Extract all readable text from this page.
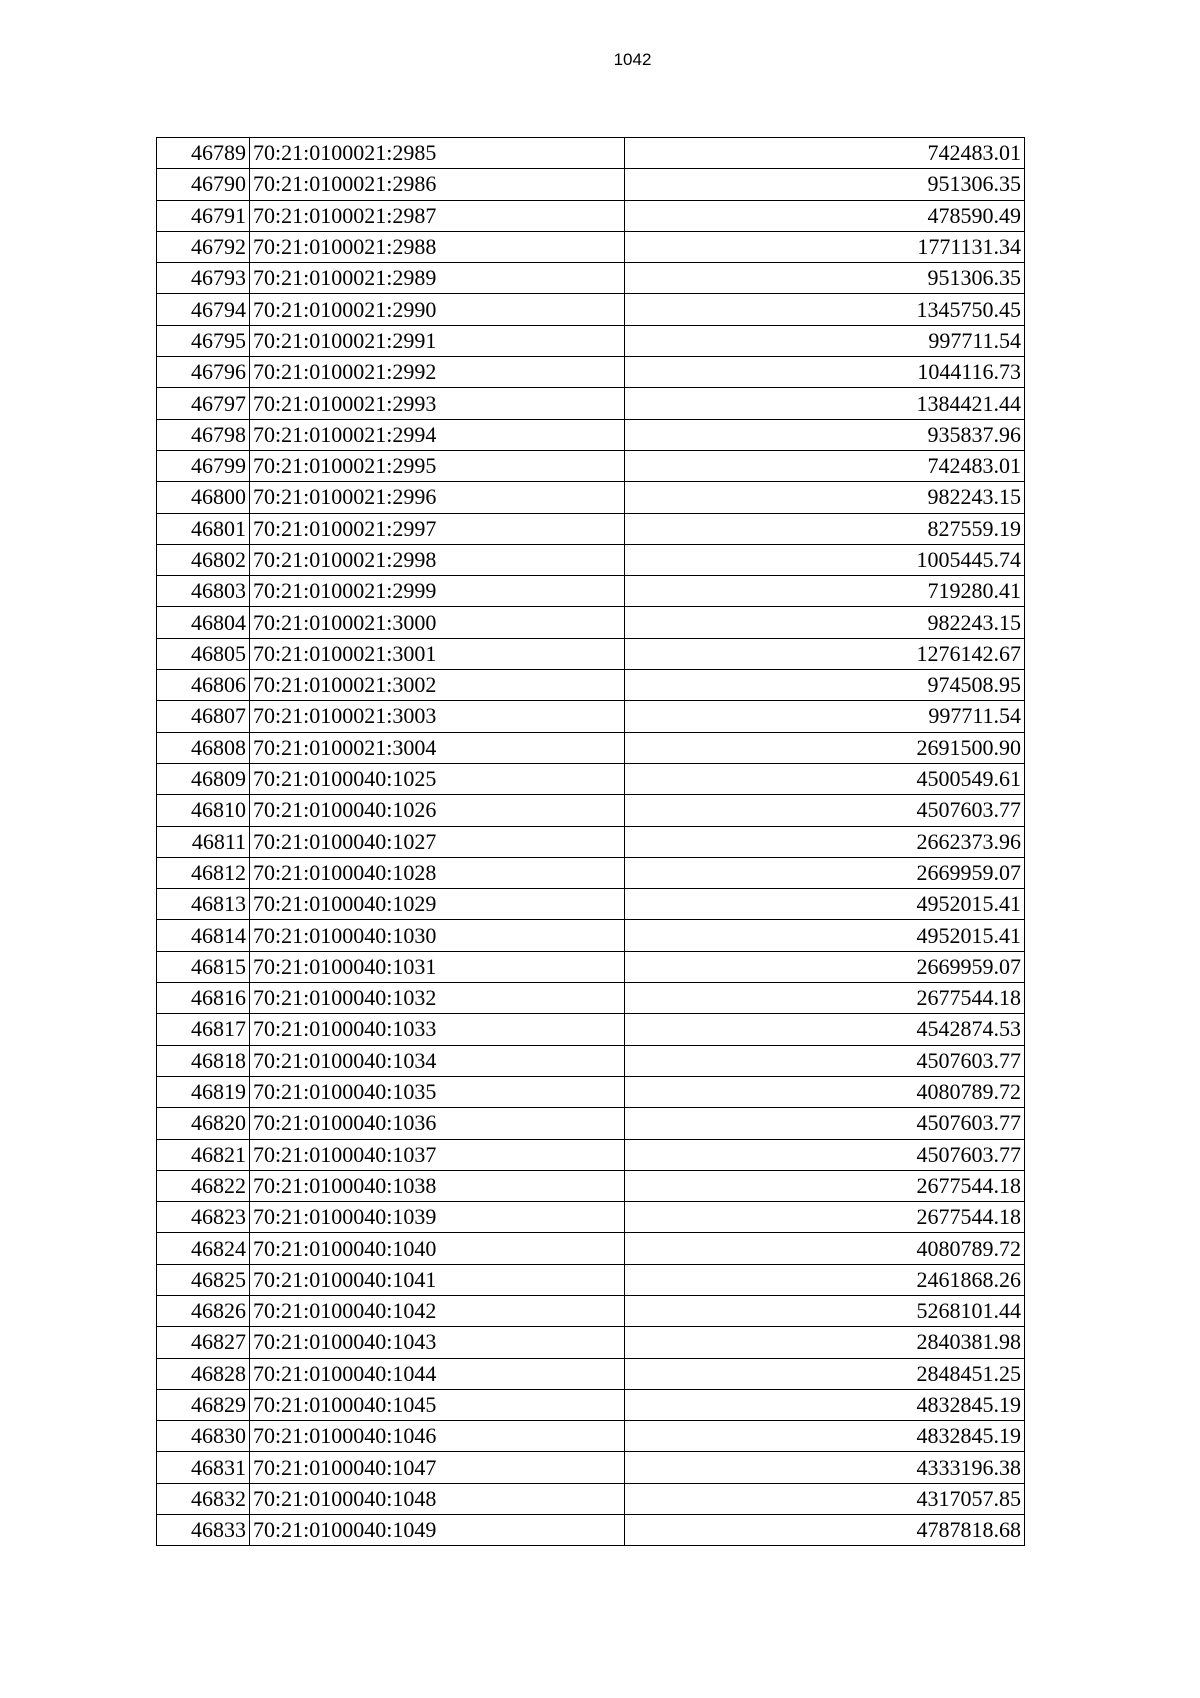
1042
46789	70:21:0100021:2985	742483.01
46790	70:21:0100021:2986	951306.35
46791	70:21:0100021:2987	478590.49
46792	70:21:0100021:2988	1771131.34
46793	70:21:0100021:2989	951306.35
46794	70:21:0100021:2990	1345750.45
46795	70:21:0100021:2991	997711.54
46796	70:21:0100021:2992	1044116.73
46797	70:21:0100021:2993	1384421.44
46798	70:21:0100021:2994	935837.96
46799	70:21:0100021:2995	742483.01
46800	70:21:0100021:2996	982243.15
46801	70:21:0100021:2997	827559.19
46802	70:21:0100021:2998	1005445.74
46803	70:21:0100021:2999	719280.41
46804	70:21:0100021:3000	982243.15
46805	70:21:0100021:3001	1276142.67
46806	70:21:0100021:3002	974508.95
46807	70:21:0100021:3003	997711.54
46808	70:21:0100021:3004	2691500.90
46809	70:21:0100040:1025	4500549.61
46810	70:21:0100040:1026	4507603.77
46811	70:21:0100040:1027	2662373.96
46812	70:21:0100040:1028	2669959.07
46813	70:21:0100040:1029	4952015.41
46814	70:21:0100040:1030	4952015.41
46815	70:21:0100040:1031	2669959.07
46816	70:21:0100040:1032	2677544.18
46817	70:21:0100040:1033	4542874.53
46818	70:21:0100040:1034	4507603.77
46819	70:21:0100040:1035	4080789.72
46820	70:21:0100040:1036	4507603.77
46821	70:21:0100040:1037	4507603.77
46822	70:21:0100040:1038	2677544.18
46823	70:21:0100040:1039	2677544.18
46824	70:21:0100040:1040	4080789.72
46825	70:21:0100040:1041	2461868.26
46826	70:21:0100040:1042	5268101.44
46827	70:21:0100040:1043	2840381.98
46828	70:21:0100040:1044	2848451.25
46829	70:21:0100040:1045	4832845.19
46830	70:21:0100040:1046	4832845.19
46831	70:21:0100040:1047	4333196.38
46832	70:21:0100040:1048	4317057.85
46833	70:21:0100040:1049	4787818.68
